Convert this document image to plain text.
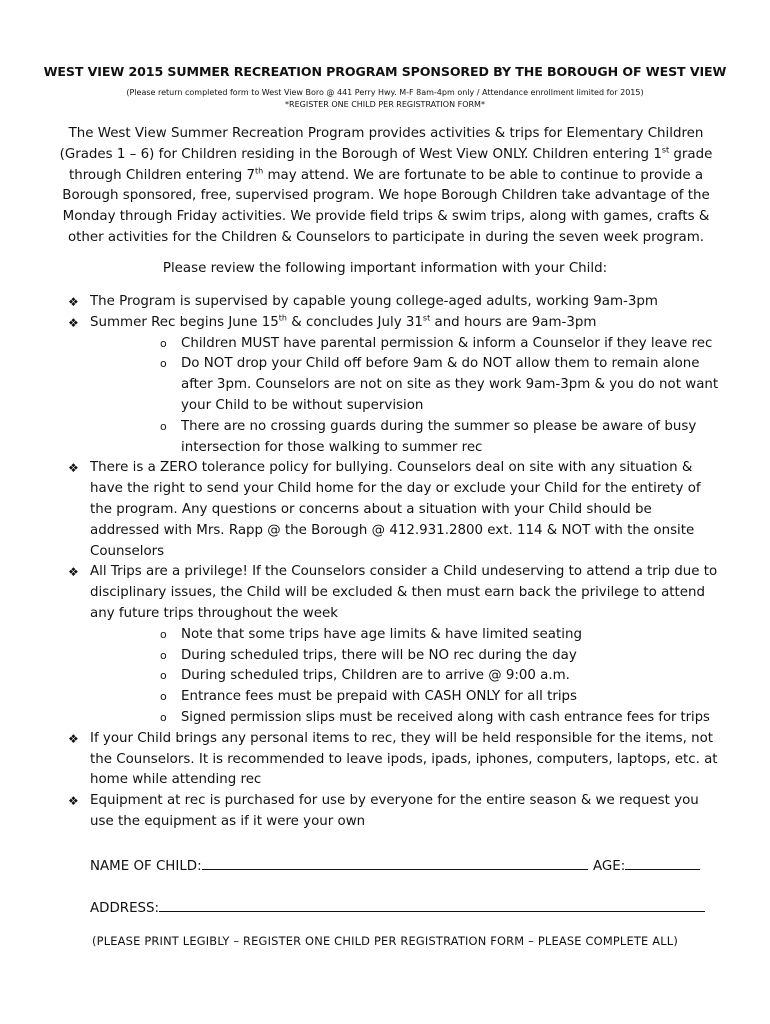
WEST VIEW 2015 SUMMER RECREATION PROGRAM SPONSORED BY THE BOROUGH OF WEST VIEW
(Please return completed form to West View Boro @ 441 Perry Hwy. M-F 8am-4pm only / Attendance enrollment limited for 2015)
*REGISTER ONE CHILD PER REGISTRATION FORM*
The West View Summer Recreation Program provides activities & trips for Elementary Children (Grades 1 – 6) for Children residing in the Borough of West View ONLY. Children entering 1st grade through Children entering 7th may attend. We are fortunate to be able to continue to provide a Borough sponsored, free, supervised program. We hope Borough Children take advantage of the Monday through Friday activities. We provide field trips & swim trips, along with games, crafts & other activities for the Children & Counselors to participate in during the seven week program.
Please review the following important information with your Child:
❖ The Program is supervised by capable young college-aged adults, working 9am-3pm
❖ Summer Rec begins June 15th & concludes July 31st and hours are 9am-3pm
o Children MUST have parental permission & inform a Counselor if they leave rec
o Do NOT drop your Child off before 9am & do NOT allow them to remain alone after 3pm. Counselors are not on site as they work 9am-3pm & you do not want your Child to be without supervision
o There are no crossing guards during the summer so please be aware of busy intersection for those walking to summer rec
❖ There is a ZERO tolerance policy for bullying. Counselors deal on site with any situation & have the right to send your Child home for the day or exclude your Child for the entirety of the program. Any questions or concerns about a situation with your Child should be addressed with Mrs. Rapp @ the Borough @ 412.931.2800 ext. 114 & NOT with the onsite Counselors
❖ All Trips are a privilege! If the Counselors consider a Child undeserving to attend a trip due to disciplinary issues, the Child will be excluded & then must earn back the privilege to attend any future trips throughout the week
o Note that some trips have age limits & have limited seating
o During scheduled trips, there will be NO rec during the day
o During scheduled trips, Children are to arrive @ 9:00 a.m.
o Entrance fees must be prepaid with CASH ONLY for all trips
o Signed permission slips must be received along with cash entrance fees for trips
❖ If your Child brings any personal items to rec, they will be held responsible for the items, not the Counselors. It is recommended to leave ipods, ipads, iphones, computers, laptops, etc. at home while attending rec
❖ Equipment at rec is purchased for use by everyone for the entire season & we request you use the equipment as if it were your own
NAME OF CHILD:	AGE:
ADDRESS:
(PLEASE PRINT LEGIBLY – REGISTER ONE CHILD PER REGISTRATION FORM – PLEASE COMPLETE ALL)
